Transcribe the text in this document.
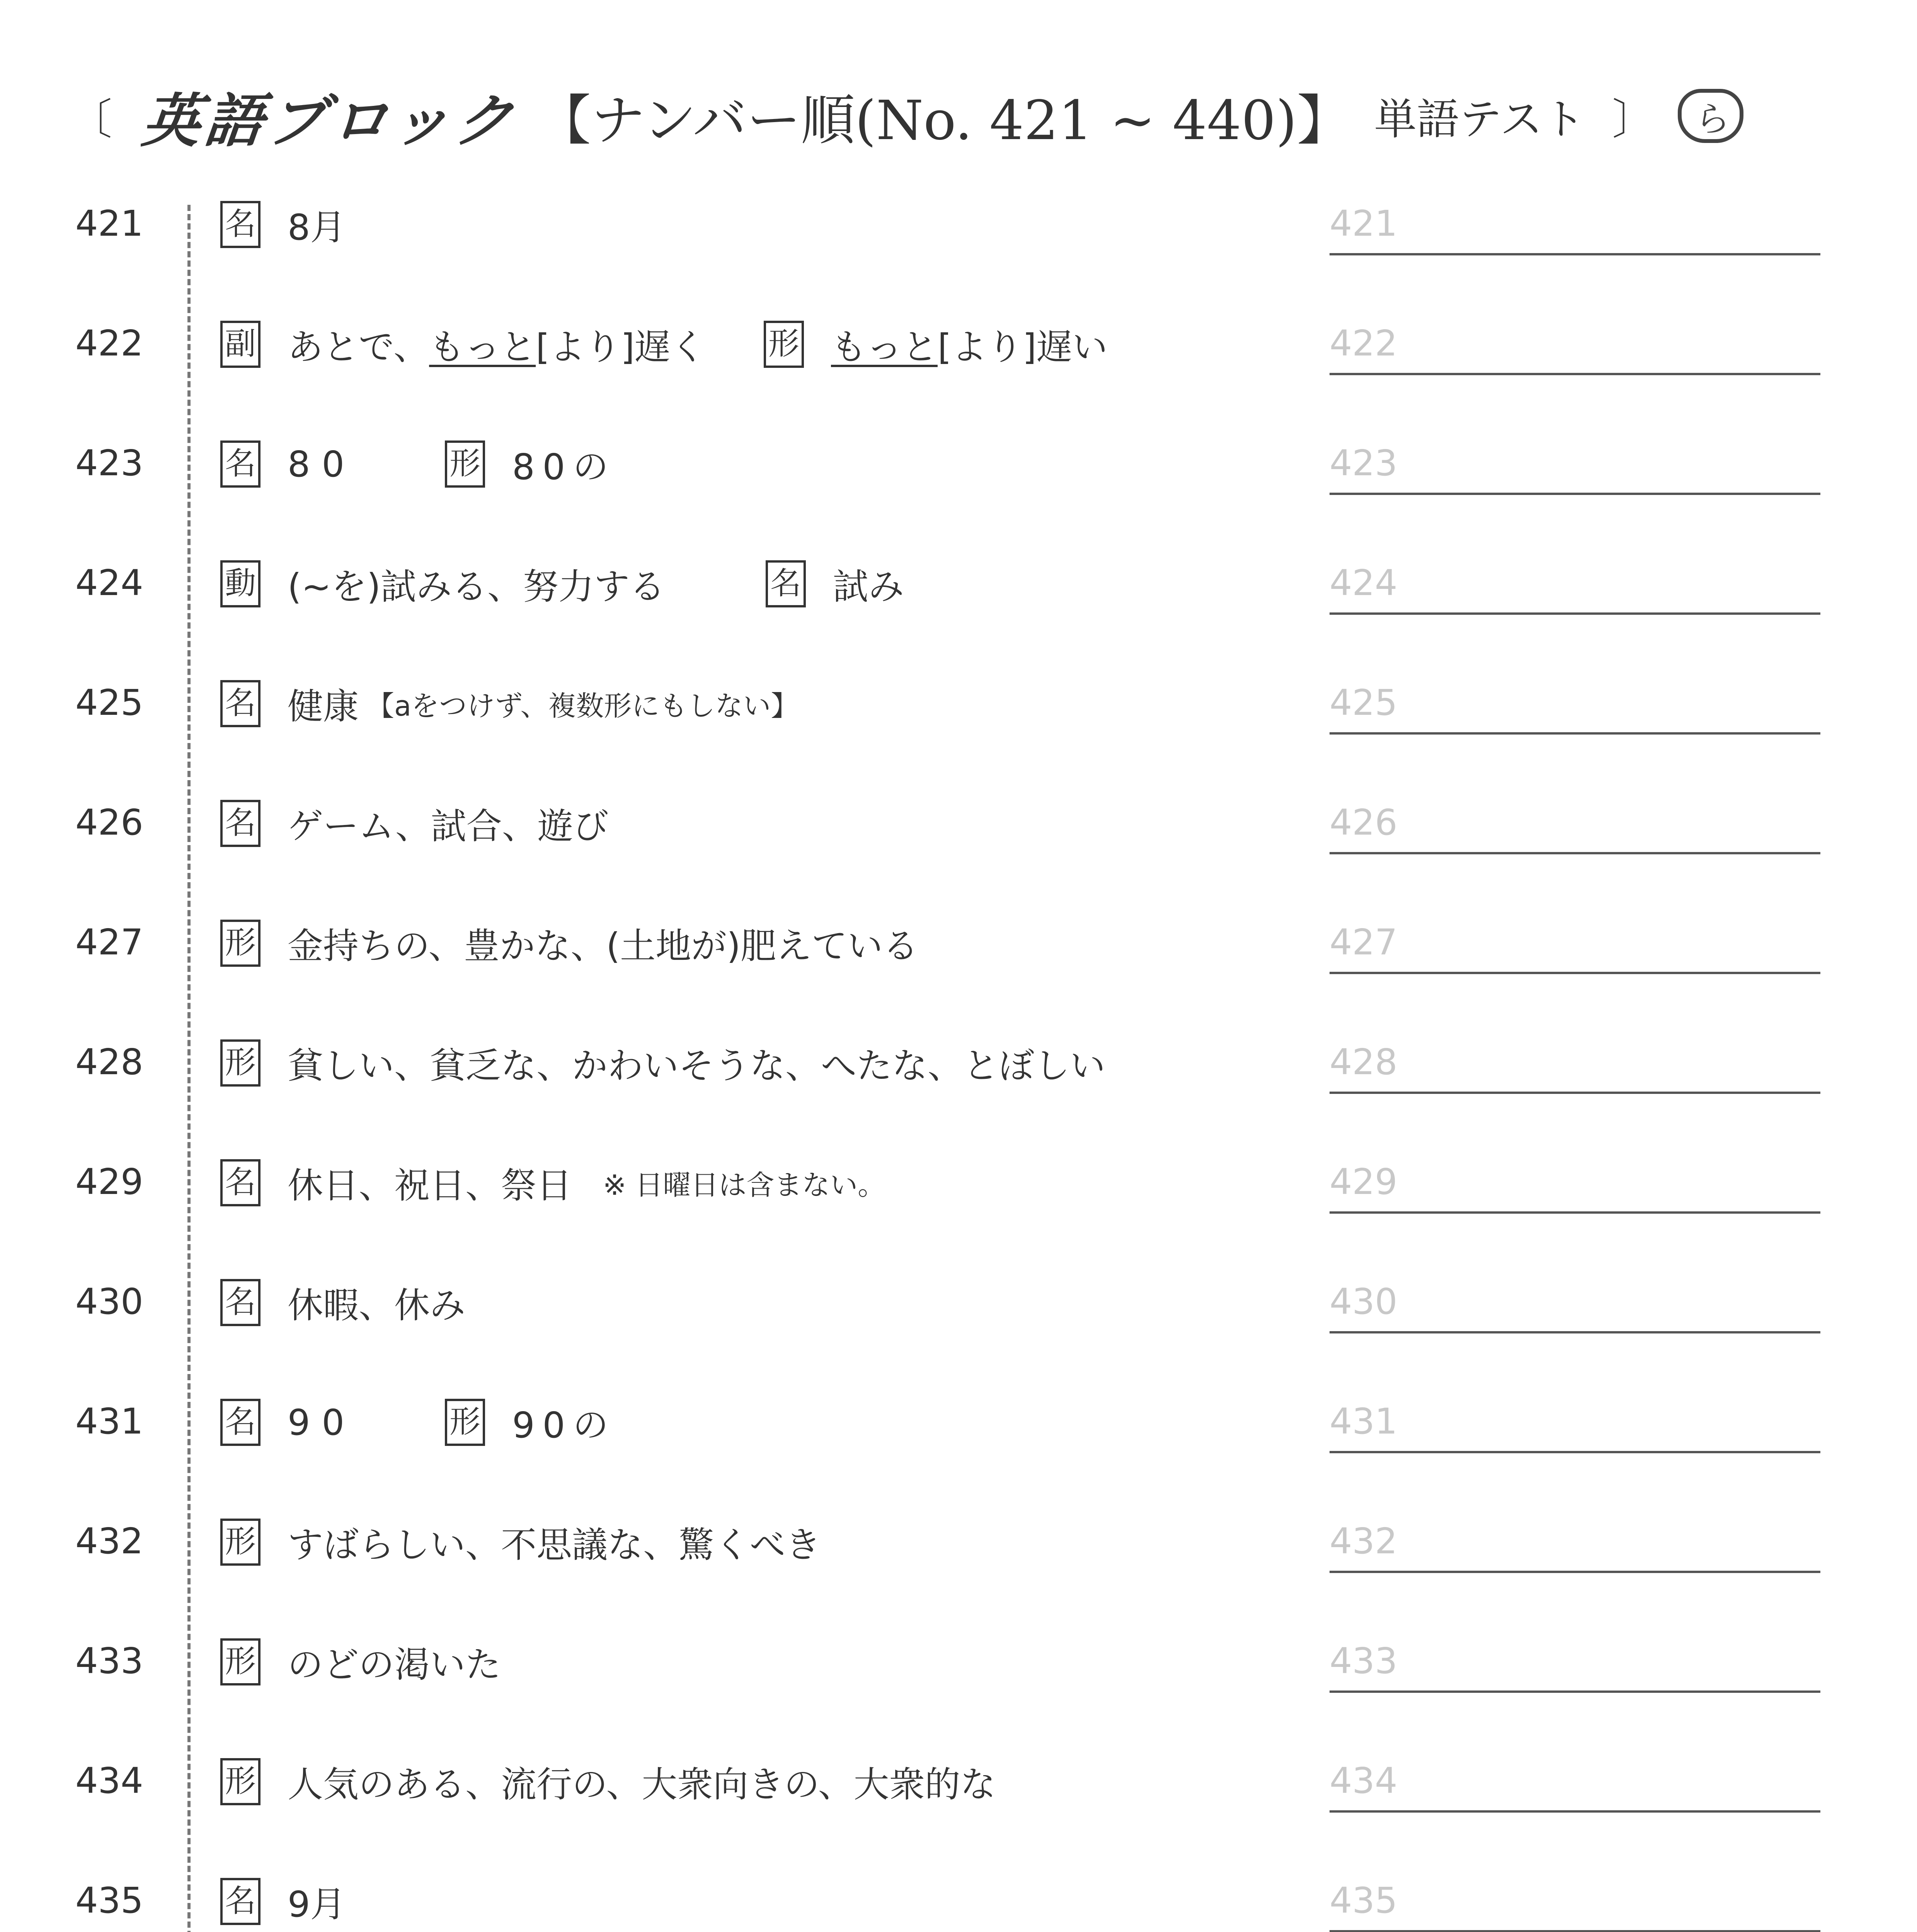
〔 英語ブロック 【ナンバー順(No. 421 ~ 440)】 単語テスト 〕
ら
421	名 8月	421
422	副 あとで、 もっと [より]遅く 形 もっと [より]遅い	422
423	名 80	形 80の	423
424	動 (~を)試みる、努力する	名 試み	424
425	名 健康 【aをつけず、複数形にもしない】	425
426	名 ゲーム、試合、遊び	426
427	形 金持ちの、豊かな、(土地が)肥えている	427
428	形 貧しい、貧乏な、かわいそうな、へたな、とぼしい	428
429	名 休日、祝日、祭日 ※ 日曜日は含まない。	429
430	名 休暇、休み	430
431	名 90	形 90の	431
432	形 すばらしい、不思議な、驚くべき	432
433	形 のどの渇いた	433
434	形 人気のある、流行の、大衆向きの、大衆的な	434
435	名 9月	435
